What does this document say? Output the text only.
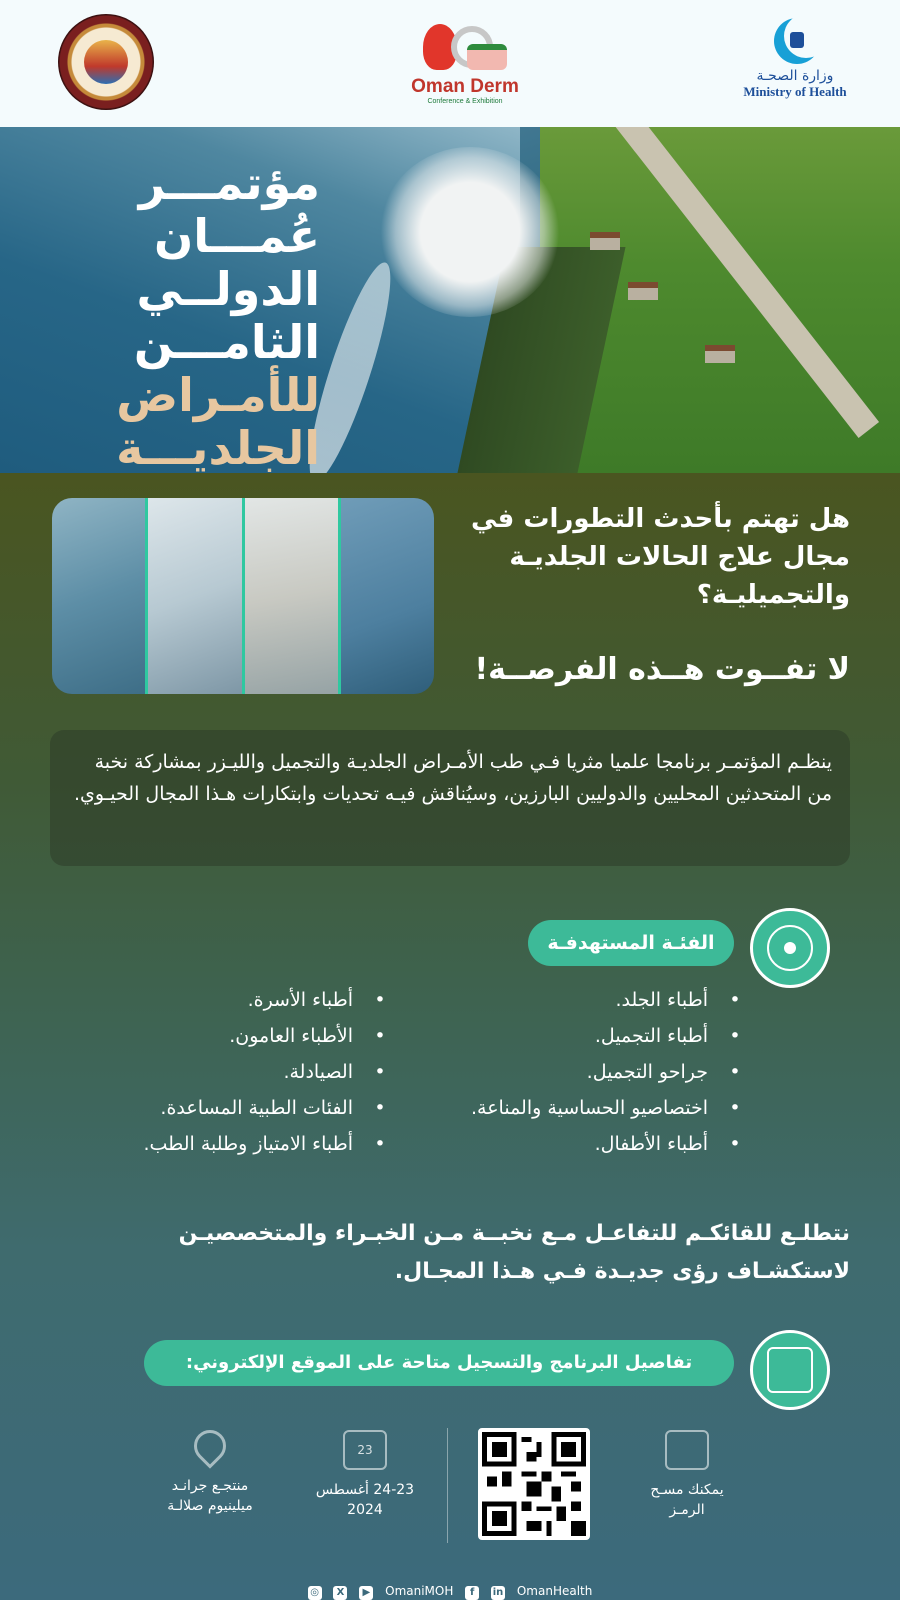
Oman Derm
Conference & Exhibition
وزارة الصحـة
Ministry of Health
مؤتمـــر
عُمـــان
الدولــي
الثامـــن
للأمـراض
الجلديـــة
هل تهتم بأحدث التطورات في مجال علاج الحالات الجلديـة والتجميليـة؟
لا تفــوت هــذه الفرصــة!
ينظـم المؤتمـر برنامجا علميا مثريا فـي طب الأمـراض الجلديـة والتجميل والليـزر بمشاركة نخبة من المتحدثين المحليين والدوليين البارزين، وسيُناقش فيـه تحديات وابتكارات هـذا المجال الحيـوي.
الفئـة المستهدفـة
• أطباء الجلد.
• أطباء التجميل.
• جراحو التجميل.
• اختصاصيو الحساسية والمناعة.
• أطباء الأطفال.
• أطباء الأسرة.
• الأطباء العامون.
• الصيادلة.
• الفئات الطبية المساعدة.
• أطباء الامتياز وطلبة الطب.
نتطلـع للقائكـم للتفاعـل مـع نخبــة مـن الخبـراء والمتخصصيـن لاستكشـاف رؤى جديـدة فـي هـذا المجـال.
تفاصيل البرنامج والتسجيل متاحة على الموقع الإلكتروني:
منتجـع جرانـد
ميلينيوم صلالـة
23
24-23 أغسطس
2024
يمكنك مسـح
الرمـز
◎ X ▶ OmaniMOH f in OmanHealth
